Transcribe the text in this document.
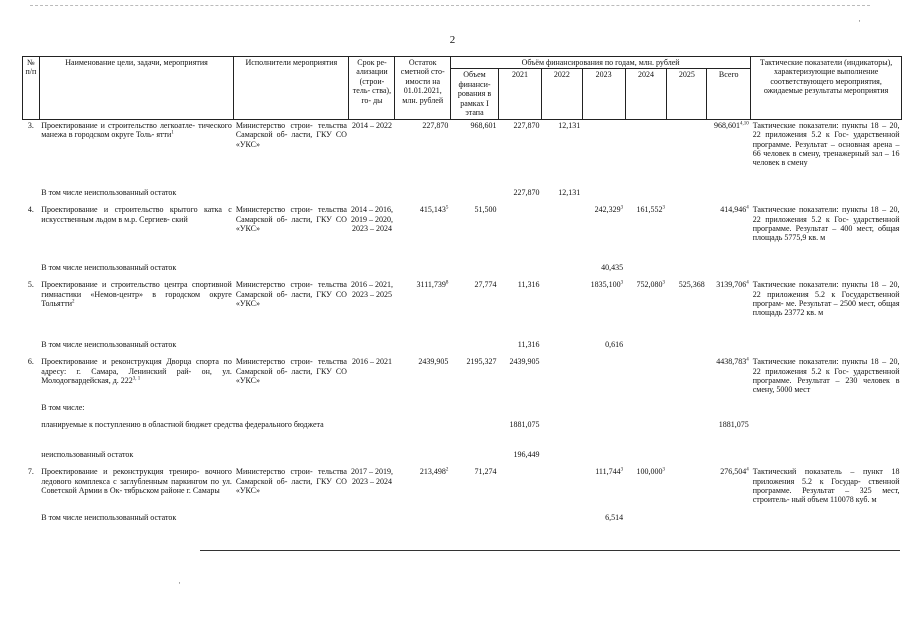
2
№ п/п	Наименование цели, задачи, мероприятия	Исполнители мероприятия	Срок ре- ализации (строи- тель- ства), го- ды	Остаток сметной сто- имости на 01.01.2021, млн. рублей	Объём финансирования по годам, млн. рублей							Тактические показатели (индикаторы), характеризующие выполнение соответствующего мероприятия, ожидаемые результаты мероприятия
					Объем финанси- рования в рамках I этапа	2021	2022	2023	2024	2025	Всего	
3.	Проектирование и строительство легкоатле- тического манежа в городском округе Толь- ятти$^1$	Министерство строи- тельства Самарской об- ласти, ГКУ СО «УКС»	2014 – 2022	227,870	968,601	227,870	12,131				968,601$^{4,10}$	Тактические показатели: пункты 18 – 20, 22 приложения 5.2 к Гос- ударственной программе. Результат – основная арена – 66 человек в смену, тренажерный зал – 16 человек в смену
	В том числе неиспользованный остаток					227,870	12,131					
4.	Проектирование и строительство крытого катка с искусственным льдом в м.р. Сергиев- ский	Министерство строи- тельства Самарской об- ласти, ГКУ СО «УКС»	2014 – 2016, 2019 – 2020, 2023 – 2024	415,143$^5$	51,500			242,329$^3$	161,552$^3$		414,946$^4$	Тактические показатели: пункты 18 – 20, 22 приложения 5.2 к Гос- ударственной программе. Результат – 400 мест, общая площадь 5775,9 кв. м
	В том числе неиспользованный остаток							40,435				
5.	Проектирование и строительство центра спортивной гимнастики «Немов-центр» в городском округе Тольятти$^2$	Министерство строи- тельства Самарской об- ласти, ГКУ СО «УКС»	2016 – 2021, 2023 – 2025	3111,739$^8$	27,774	11,316		1835,100$^3$	752,080$^3$	525,368	3139,706$^4$	Тактические показатели: пункты 18 – 20, 22 приложения 5.2 к Государственной програм- ме. Результат – 2500 мест, общая площадь 23772 кв. м
	В том числе неиспользованный остаток					11,316		0,616				
6.	Проектирование и реконструкция Дворца спорта по адресу: г. Самара, Ленинский рай- он, ул. Молодогвардейская, д. 222$^{3, 1}$	Министерство строи- тельства Самарской об- ласти, ГКУ СО «УКС»	2016 – 2021	2439,905	2195,327	2439,905					4438,783$^4$	Тактические показатели: пункты 18 – 20, 22 приложения 5.2 к Гос- ударственной программе. Результат – 230 человек в смену, 5000 мест
	В том числе:											
	планируемые к поступлению в областной бюджет средства федерального бюджета					1881,075					1881,075	
	неиспользованный остаток					196,449						
7.	Проектирование и реконструкция трениро- вочного ледового комплекса с заглубленным паркингом по ул. Советской Армии в Ок- тябрьском районе г. Самары	Министерство строи- тельства Самарской об- ласти, ГКУ СО «УКС»	2017 – 2019, 2023 – 2024	213,498$^2$	71,274			111,744$^3$	100,000$^3$		276,504$^4$	Тактический показатель – пункт 18 приложения 5.2 к Государ- ственной программе. Результат – 325 мест, строитель- ный объем 110078 куб. м
	В том числе неиспользованный остаток							6,514				
·
·
